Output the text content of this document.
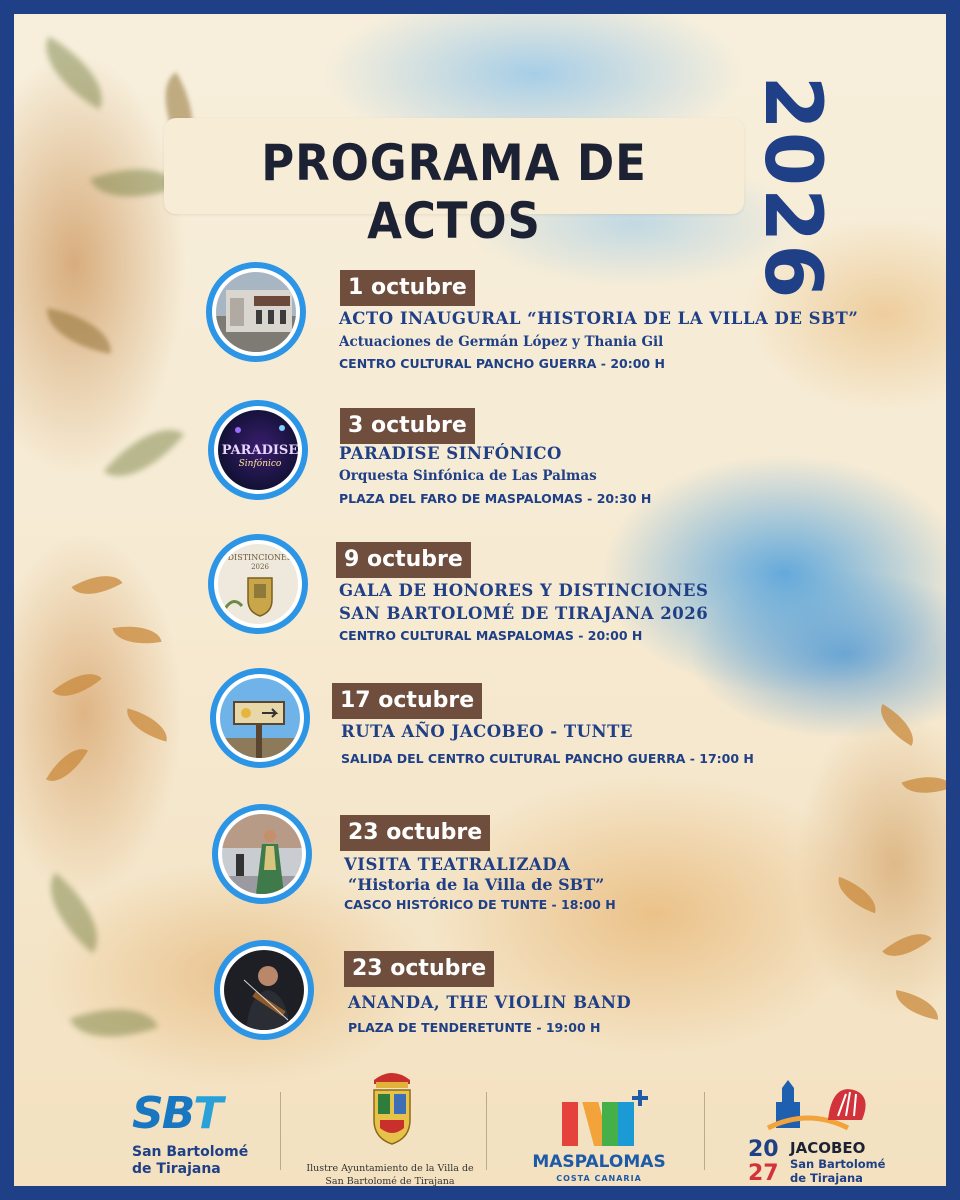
PROGRAMA DE ACTOS	2026
1 octubre
ACTO INAUGURAL “HISTORIA DE LA VILLA DE SBT”
Actuaciones de Germán López y Thania Gil
CENTRO CULTURAL PANCHO GUERRA - 20:00 H
PARADISE
Sinfónico
3 octubre
PARADISE SINFÓNICO
Orquesta Sinfónica de Las Palmas
PLAZA DEL FARO DE MASPALOMAS - 20:30 H
DISTINCIONES
2026	9 octubre
GALA DE HONORES Y DISTINCIONES
SAN BARTOLOMÉ DE TIRAJANA 2026
CENTRO CULTURAL MASPALOMAS - 20:00 H
17 octubre
RUTA AÑO JACOBEO - TUNTE
SALIDA DEL CENTRO CULTURAL PANCHO GUERRA - 17:00 H
23 octubre
VISITA TEATRALIZADA
“Historia de la Villa de SBT”
CASCO HISTÓRICO DE TUNTE - 18:00 H
23 octubre
ANANDA, THE VIOLIN BAND
PLAZA DE TENDERETUNTE - 19:00 H
SBT
San Bartolomé
de Tirajana	Ilustre Ayuntamiento de la Villa de
San Bartolomé de Tirajana
MASPALOMAS
COSTA CANARIA
20
27
JACOBEO
San Bartolomé
de Tirajana
